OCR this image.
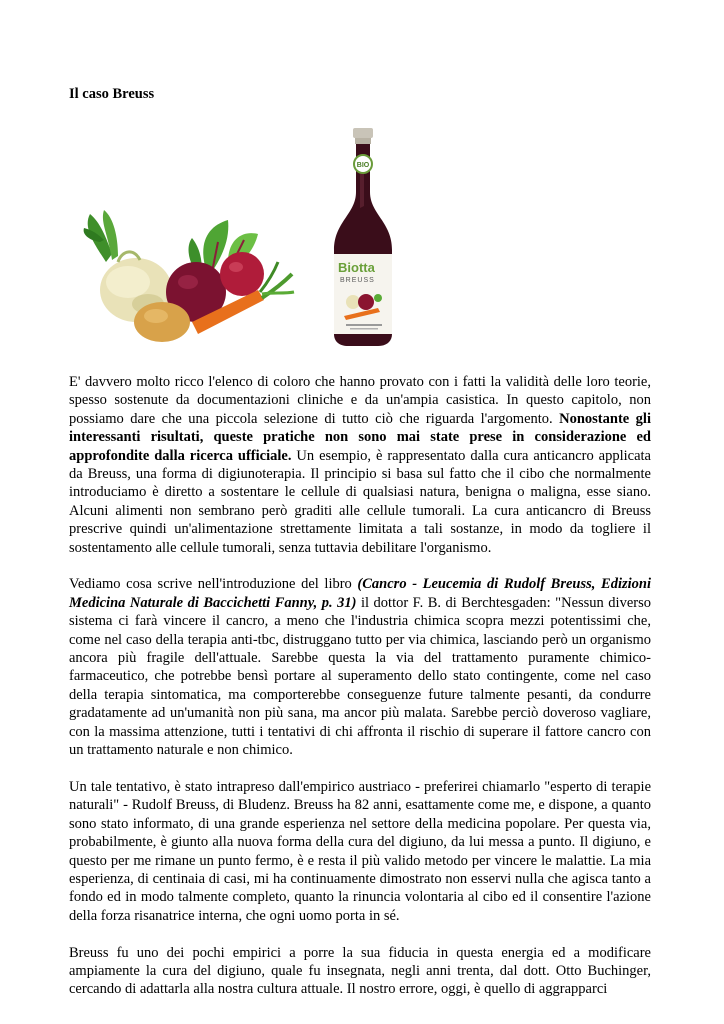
Il caso Breuss
BIO
Biotta
BREUSS

E' davvero molto ricco l'elenco di coloro che hanno provato con i fatti la validità delle loro teorie, spesso sostenute da documentazioni cliniche e da un'ampia casistica. In questo capitolo, non possiamo dare che una piccola selezione di tutto ciò che riguarda l'argomento. Nonostante gli interessanti risultati, queste pratiche non sono mai state prese in considerazione ed approfondite dalla ricerca ufficiale. Un esempio, è rappresentato dalla cura anticancro applicata da Breuss, una forma di digiunoterapia. Il principio si basa sul fatto che il cibo che normalmente introduciamo è diretto a sostentare le cellule di qualsiasi natura, benigna o maligna, esse siano. Alcuni alimenti non sembrano però graditi alle cellule tumorali. La cura anticancro di Breuss prescrive quindi un'alimentazione strettamente limitata a tali sostanze, in modo da togliere il sostentamento alle cellule tumorali, senza tuttavia debilitare l'organismo.

Vediamo cosa scrive nell'introduzione del libro (Cancro - Leucemia di Rudolf Breuss, Edizioni Medicina Naturale di Baccichetti Fanny, p. 31) il dottor F. B. di Berchtesgaden: "Nessun diverso sistema ci farà vincere il cancro, a meno che l'industria chimica scopra mezzi potentissimi che, come nel caso della terapia anti-tbc, distruggano tutto per via chimica, lasciando però un organismo ancora più fragile dell'attuale. Sarebbe questa la via del trattamento puramente chimico-farmaceutico, che potrebbe bensì portare al superamento dello stato contingente, come nel caso della terapia sintomatica, ma comporterebbe conseguenze future talmente pesanti, da condurre gradatamente ad un'umanità non più sana, ma ancor più malata. Sarebbe perciò doveroso vagliare, con la massima attenzione, tutti i tentativi di chi affronta il rischio di superare il fattore cancro con un trattamento naturale e non chimico.

Un tale tentativo, è stato intrapreso dall'empirico austriaco - preferirei chiamarlo "esperto di terapie naturali" - Rudolf Breuss, di Bludenz. Breuss ha 82 anni, esattamente come me, e dispone, a quanto sono stato informato, di una grande esperienza nel settore della medicina popolare. Per questa via, probabilmente, è giunto alla nuova forma della cura del digiuno, da lui messa a punto. Il digiuno, e questo per me rimane un punto fermo, è e resta il più valido metodo per vincere le malattie. La mia esperienza, di centinaia di casi, mi ha continuamente dimostrato non esservi nulla che agisca tanto a fondo ed in modo talmente completo, quanto la rinuncia volontaria al cibo ed il consentire l'azione della forza risanatrice interna, che ogni uomo porta in sé.

Breuss fu uno dei pochi empirici a porre la sua fiducia in questa energia ed a modificare ampiamente la cura del digiuno, quale fu insegnata, negli anni trenta, dal dott. Otto Buchinger, cercando di adattarla alla nostra cultura attuale. Il nostro errore, oggi, è quello di aggrapparci
